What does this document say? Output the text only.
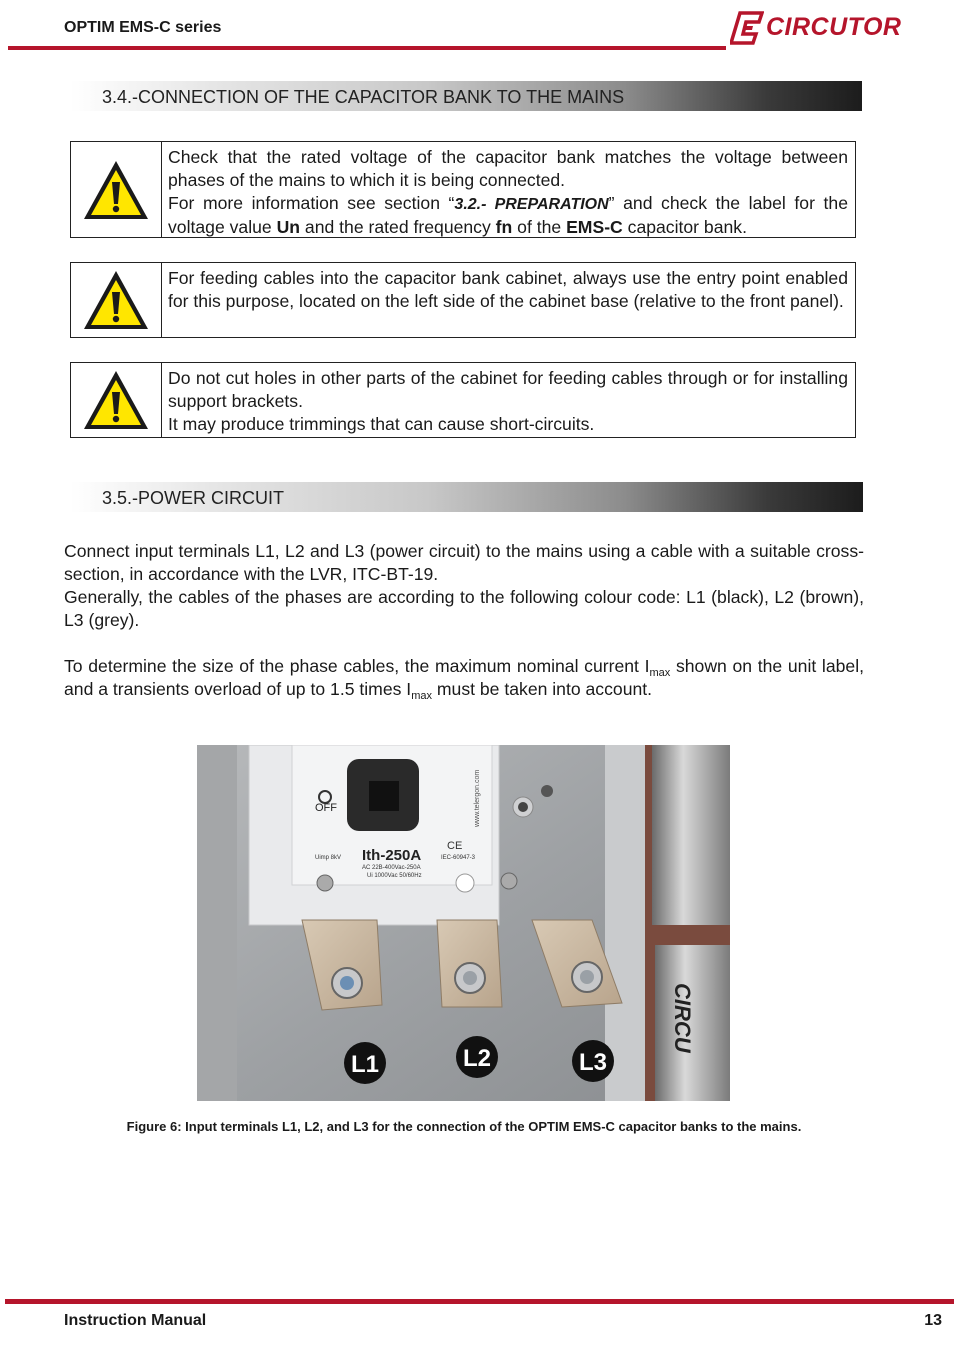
OPTIM EMS-C series	CIRCUTOR
3.4.-CONNECTION OF THE CAPACITOR BANK TO THE MAINS

Check that the rated voltage of the capacitor bank matches the voltage between phases of the mains to which it is being connected.

For more information see section “3.2.- PREPARATION” and check the label for the voltage value Un and the rated frequency fn of the EMS-C capacitor bank.

For feeding cables into the capacitor bank cabinet, always use the entry point enabled for this purpose, located on the left side of the cabinet base (relative to the front panel).

Do not cut holes in other parts of the cabinet for feeding cables through or for installing support brackets.

It may produce trimmings that can cause short-circuits.

3.5.-POWER CIRCUIT

Connect input terminals L1, L2 and L3 (power circuit) to the mains using a cable with a suitable cross-section, in accordance with the LVR, ITC-BT-19.

Generally, the cables of the phases are according to the following colour code: L1 (black), L2 (brown), L3 (grey).

To determine the size of the phase cables, the maximum nominal current $I_{max}$ shown on the unit label, and a transients overload of up to 1.5 times $I_{max}$ must be taken into account.

OFF
Ith-250A
AC 22B-400Vac-250A
Ui 1000Vac 50/60Hz
Uimp 8kV	IEC-60947-3
CE
www.telergon.com
L1	L2	L3
CIRCU
Figure 6: Input terminals L1, L2, and L3 for the connection of the OPTIM EMS-C capacitor banks to the mains.
Instruction Manual	13
